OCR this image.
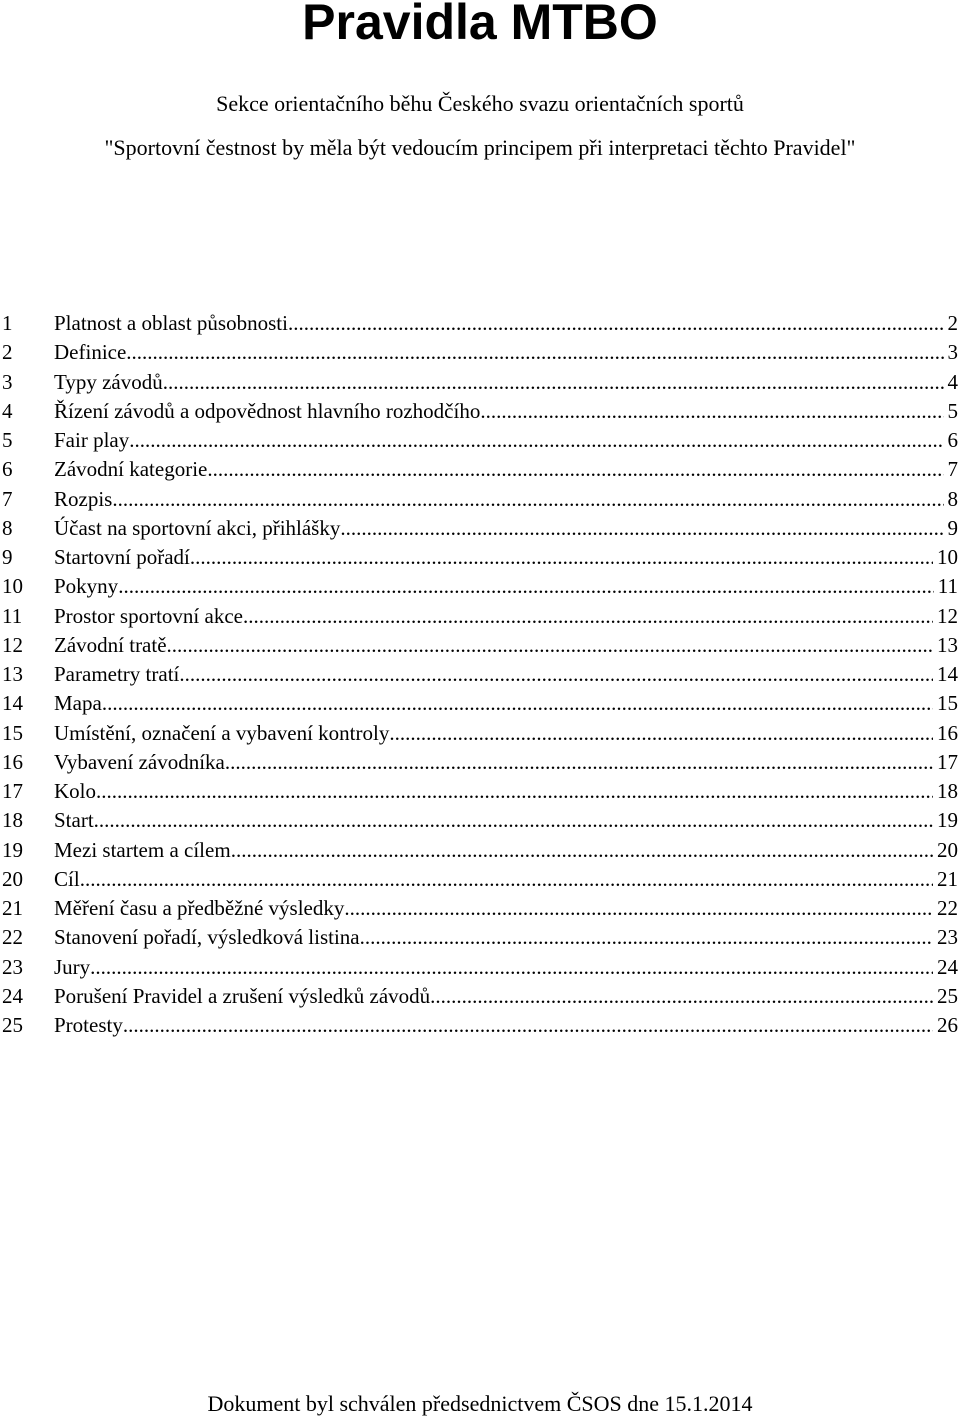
Pravidla MTBO
Sekce orientačního běhu Českého svazu orientačních sportů
"Sportovní čestnost by měla být vedoucím principem při interpretaci těchto Pravidel"
1	Platnost a oblast působnosti .....	2
2	Definice .....	3
3	Typy závodů .....	4
4	Řízení závodů a odpovědnost hlavního rozhodčího .....	5
5	Fair play .....	6
6	Závodní kategorie .....	7
7	Rozpis .....	8
8	Účast na sportovní akci, přihlášky .....	9
9	Startovní pořadí .....	10
10	Pokyny .....	11
11	Prostor sportovní akce .....	12
12	Závodní tratě .....	13
13	Parametry tratí .....	14
14	Mapa .....	15
15	Umístění, označení a vybavení kontroly .....	16
16	Vybavení závodníka .....	17
17	Kolo .....	18
18	Start .....	19
19	Mezi startem a cílem .....	20
20	Cíl .....	21
21	Měření času a předběžné výsledky .....	22
22	Stanovení pořadí, výsledková listina .....	23
23	Jury .....	24
24	Porušení Pravidel a zrušení výsledků závodů .....	25
25	Protesty .....	26
Dokument byl schválen předsednictvem ČSOS dne 15.1.2014
